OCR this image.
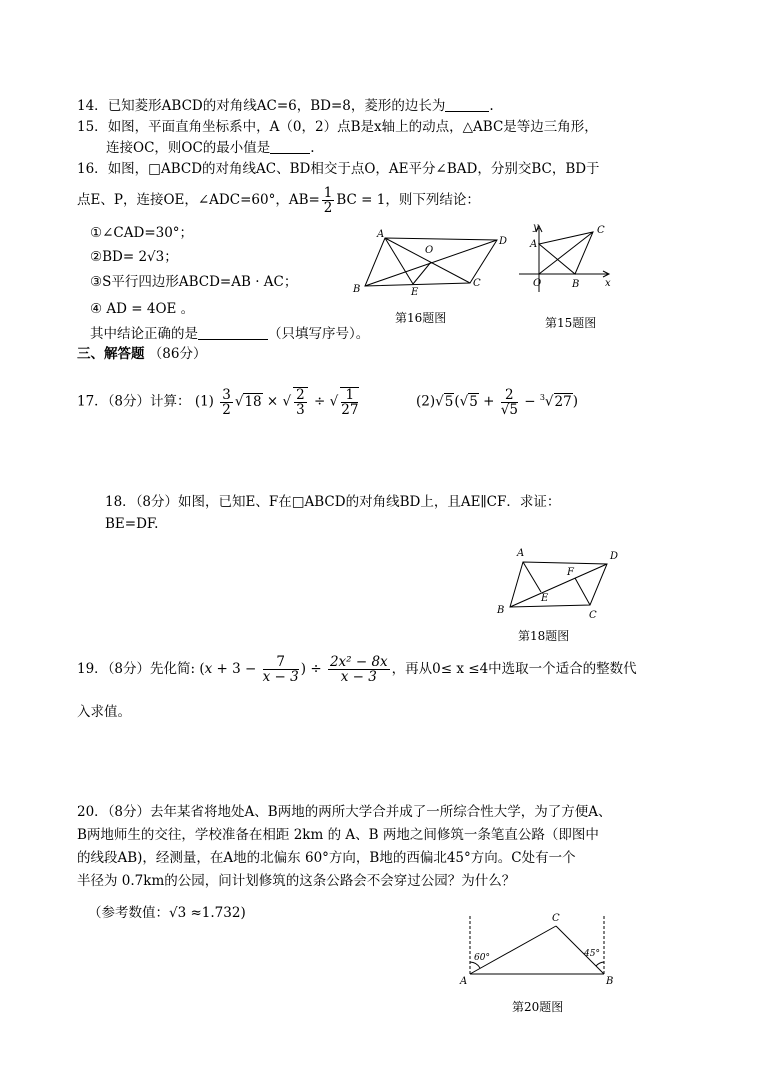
14．已知菱形ABCD的对角线AC=6，BD=8，菱形的边长为	.
15．如图，平面直角坐标系中，A（0，2）点B是x轴上的动点，△ABC是等边三角形，
连接OC，则OC的最小值是	.
16．如图，□ABCD的对角线AC、BD相交于点O，AE平分∠BAD，分别交BC，BD于
点E、P，连接OE，∠ADC=60°，$AB= \frac{1}{2}$ BC = 1，则下列结论：
①∠CAD=30°；
②BD= 2√3；
③S平行四边形ABCD=AB · AC；
④ AD = 4OE 。
其中结论正确的是	（只填写序号）。
A
D
O
B	E
C
第16题图
y	C
A
O	B	x
第15题图
三、解答题 （86分）
17．（8分）计算： $(1) \frac{3}{2} √18$ × √ $\frac{2}{3}$ ÷ √ $\frac{1}{27}$	$(2)√5(√5 + \frac{2}{√5} - ^3√27)$
18．（8分）如图，已知E、F在□ABCD的对角线BD上，且AE∥CF．求证：
BE=DF.
A	D
F
E
B	C
第18题图
19．（8分）先化简: ($x + 3 - \frac{7}{x - 3}$ ) ÷ $\frac{\text{2x² − 8x}}{x - 3}$ ，再从0≤ x ≤4中选取一个适合的整数代
入求值。
20．（8分）去年某省将地处A、B两地的两所大学合并成了一所综合性大学，为了方便A、
B两地师生的交往，学校准备在相距 2km 的 A、B 两地之间修筑一条笔直公路（即图中
的线段AB)，经测量，在A地的北偏东 60°方向，B地的西偏北45°方向。C处有一个
半径为 0.7km的公园，问计划修筑的这条公路会不会穿过公园？为什么？
（参考数值：√3 ≈1.732)	C
60°	45°
A	B
第20题图
